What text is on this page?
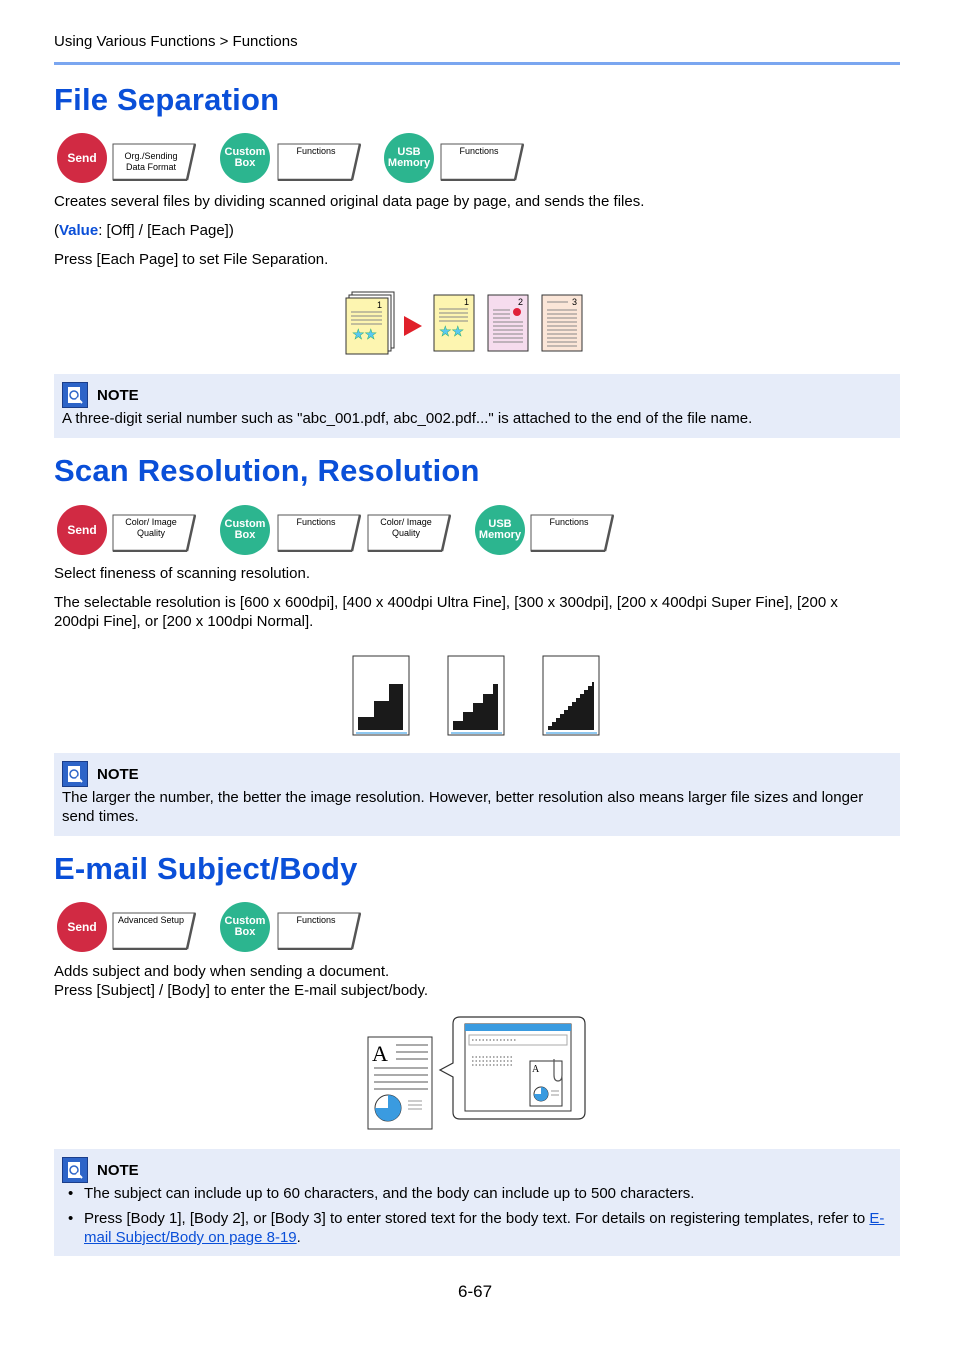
Using Various Functions > Functions
File Separation
Send	Org./Sending Data Format
Custom Box
Functions	USB Memory
Functions
Creates several files by dividing scanned original data page by page, and sends the files.
(Value: [Off] / [Each Page])
Press [Each Page] to set File Separation.
1
★★
1
★★
2	3
NOTE
A three-digit serial number such as "abc_001.pdf, abc_002.pdf..." is attached to the end of the file name.
Scan Resolution, Resolution
Send
Color/ Image Quality
Custom Box
Functions	Color/ Image Quality
USB Memory
Functions
Select fineness of scanning resolution.
The selectable resolution is [600 x 600dpi], [400 x 400dpi Ultra Fine], [300 x 300dpi], [200 x 400dpi Super Fine], [200 x 200dpi Fine], or [200 x 100dpi Normal].
NOTE
The larger the number, the better the image resolution. However, better resolution also means larger file sizes and longer send times.
E-mail Subject/Body
Send	Advanced Setup	Custom Box
Functions
Adds subject and body when sending a document.
Press [Subject] / [Body] to enter the E-mail subject/body.
A
A
NOTE
• The subject can include up to 60 characters, and the body can include up to 500 characters.
• Press [Body 1], [Body 2], or [Body 3] to enter stored text for the body text. For details on registering templates, refer to E-mail Subject/Body on page 8-19.
6-67
